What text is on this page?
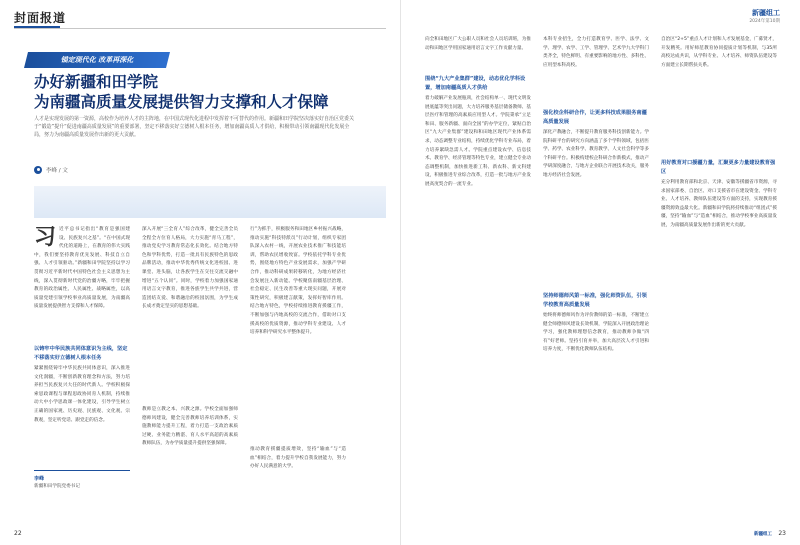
封面报道
锚定现代化 改革再深化
办好新疆和田学院
为南疆高质量发展提供智力支撑和人才保障

人才是实现发展的第一资源，高校作为培养人才的主阵地，在中国式现代化进程中发挥着不可替代的作用。新疆和田学院坚决落实好自治区党委关于“锻造”提升“促进南疆高质量发展”的重要部署，坚定不移落实好立德树人根本任务，增加南疆高质人才供给，积极带动引领南疆现代化发展全局，努力为南疆高质量发展作出新的更大贡献。

李峰 / 文
习 近平总书记指出“教育是强国建设、民族复兴之基”。“在中国式现代化的道路上，在教育的伟大实践中，我们要坚持教育优先发展、科技自立自强、人才引领驱动。”新疆和田学院坚持以学习贯彻习近平新时代中国特色社会主义思想为主线，深入贯彻新时代党的治疆方略，牢牢把握教育的政治属性、人民属性、战略属性，以高质量党建引领学校事业高质量发展，为南疆高质量发展提供智力支撑和人才保障。
以铸牢中华民族共同体意识为主线，坚定不移落实好立德树人根本任务
紧紧围绕铸牢中华民族共同体意识，深入推进文化润疆，不断创新教育理念和方法，努力培养担当民族复兴大任的时代新人。学校积极探索思政课程与课程思政协同育人机制，持续推动大中小学思政课一体化建设，引导学生树立正确的国家观、历史观、民族观、文化观、宗教观，坚定听党话、跟党走的信念。
深入开展“三全育人”综合改革，健全完善全员全程全方位育人格局，大力实施“青马工程”，推动党史学习教育常态化长效化。结合地方特色和学科优势，打造一批具有民族特色的思政品牌活动，推动中华优秀传统文化进校园、进课堂、进头脑，让各族学生在交往交流交融中增进“五个认同”。同时，学校着力加强国家通用语言文字教育，推进各族学生共学共进，营造团结友爱、和谐融洽的校园氛围，为学生成长成才奠定坚实的思想基础。
教师是立教之本、兴教之源。学校全面加强师德师风建设，健全完善教师培养培训体系，实施教师能力提升工程，着力打造一支政治素质过硬、业务能力精湛、育人水平高超的高素质教师队伍，为办学质量提升提供坚强保障。
行”为抓手，积极服务和田地区乡村振兴战略，推动实施“科技特派员”行动计划，组织专家团队深入农村一线，开展农业技术推广和技能培训，帮助农民增收致富。学校依托学科专业优势，围绕地方特色产业发展需求，加强产学研合作，推动科研成果转移转化，为地方经济社会发展注入新动能。学校聚焦南疆基层治理、社会稳定、民生改善等重大现实问题，开展对策性研究，积极建言献策，发挥好智库作用。结合地方特色，学校持续推进教育援疆工作，不断加强与内地高校的交流合作，借助对口支援高校的优质资源，推动学科专业建设、人才培养和科学研究水平整体提升。
推动教育援疆提质增效，坚持“输血”与“造血”相结合，着力提升学校自我发展能力，努力办好人民满意的大学。
李峰
新疆和田学院党委书记
22
新疆组工
2024年第10期
向全和田地区广大公职人员和社会人员培训班，为推动和田地区学用国家通用语言文字工作贡献力量。
围绕“九大产业集群”建设，动态优化学科设置，增加南疆高质人才供给
着力破解产业发展瓶颈，社会结构单一、现代文明发展底蕴等突出问题，大力培养服务基层储备教师、基层医疗和管理的高素质应用型人才。学院秉承“立足和田、服务新疆、面向全国”的办学定位，紧贴自治区“九大产业集群”建设和和田地区现代产业体系需求，动态调整专业结构，持续优化学科专业布局，着力培养紧缺急需人才。学院重点建设农学、信息技术、教育学、经济管理等特色专业，建立健全专业动态调整机制，加快推进新工科、新农科、新文科建设，积极推进专业综合改革，打造一批与地方产业发展高度契合的一流专业。
本科专业招生，全力打造教育学、医学、法学、文学、理学、农学、工学、管理学、艺术学九大学科门类齐全，特色鲜明、有重要影响的地方性、多科性、应用型本科高校。
强化校企科研合作，让更多科技成果服务南疆高质量发展
深化产教融合，不断提升教育服务科技创新能力。学院科研平台的研究方向涵盖了多个学科领域，包括医学、药学、农业科学、教育教学、人文社会科学等多个科研平台。积极构建校企科研合作新模式，推动产学研深度融合，与地方企业联合开展技术攻关，服务地方经济社会发展。
坚持师德师风第一标准，强化师资队伍，引领学校教育高质量发展
始终将师德师风作为评价教师的第一标准，不断建立健全师德师风建设长效机制，学院深入开展政治理论学习，强化教师理想信念教育，推动教师争做“四有”好老师。坚持引育并举，加大高层次人才引进和培养力度，不断优化教师队伍结构。
自治区“2+5”重点人才计划和人才发展基金，广募贤才，开发精英。用好师范教育协同提质计划等机制，与35所高校达成共识，从学科专业、人才培养、师资队伍建设等方面建立长期帮扶关系。
用好教育对口援疆力量，汇聚更多力量建设教育强区
充分利用教育部和北京、天津、安徽等援疆省市资源，寻求国家部委、自治区、对口支援省市在建设资金、学科专业、人才培养、教师队伍建设等方面的支持，实现教育援疆资源效益最大化。新疆和田学院将持续推动“组团式”援疆，坚持“输血”与“造血”相结合，推动学校事业高质量发展，为南疆高质量发展作出新的更大贡献。
新疆组工 23
